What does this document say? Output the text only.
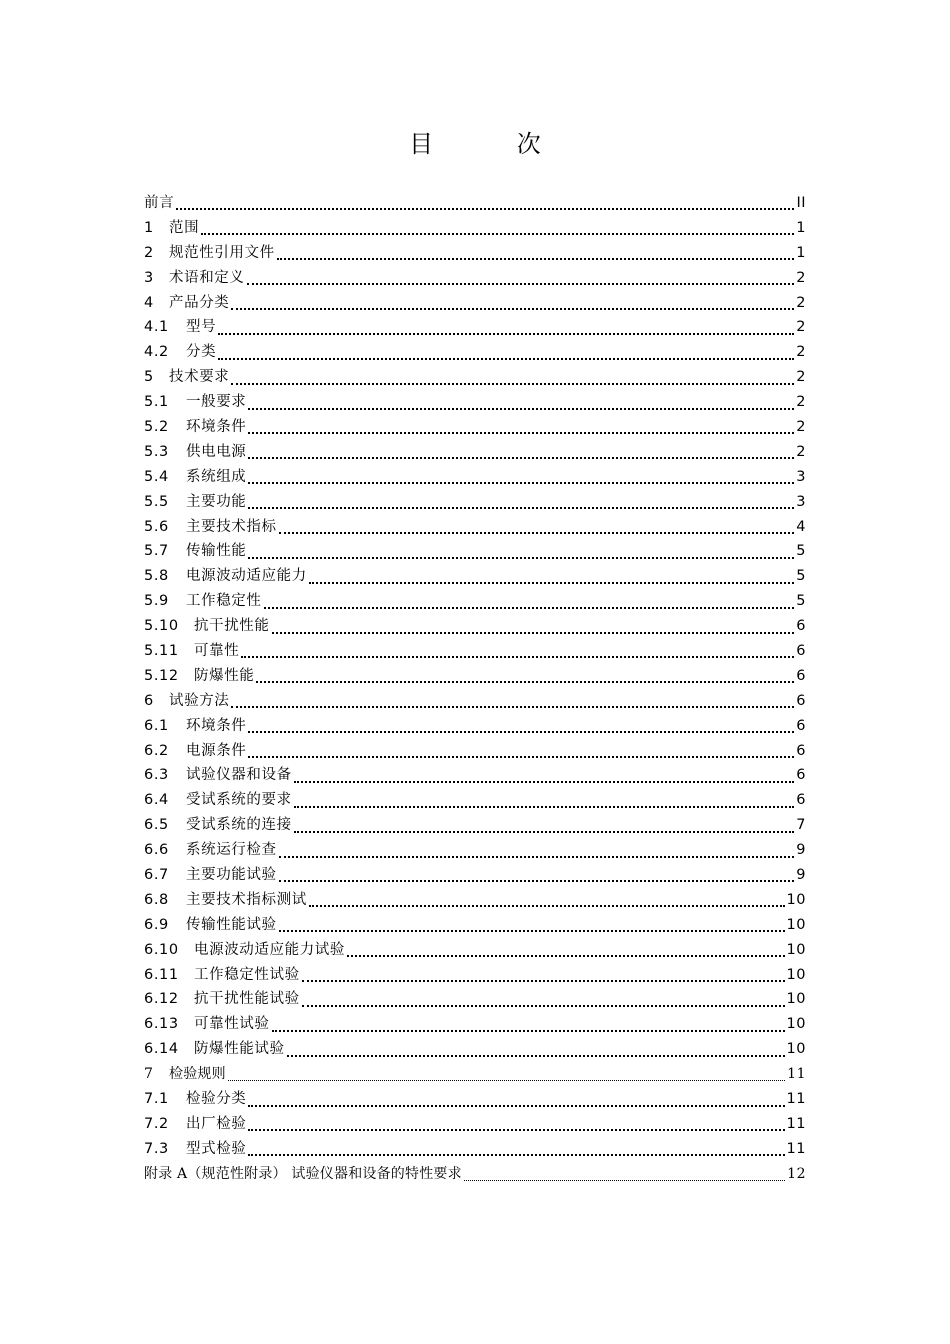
目 次
前言	II
1	范围	1
2	规范性引用文件	1
3	术语和定义	2
4	产品分类	2
4.1	型号	2
4.2	分类	2
5	技术要求	2
5.1	一般要求	2
5.2	环境条件	2
5.3	供电电源	2
5.4	系统组成	3
5.5	主要功能	3
5.6	主要技术指标	4
5.7	传输性能	5
5.8	电源波动适应能力	5
5.9	工作稳定性	5
5.10	抗干扰性能	6
5.11	可靠性	6
5.12	防爆性能	6
6	试验方法	6
6.1	环境条件	6
6.2	电源条件	6
6.3	试验仪器和设备	6
6.4	受试系统的要求	6
6.5	受试系统的连接	7
6.6	系统运行检查	9
6.7	主要功能试验	9
6.8	主要技术指标测试	10
6.9	传输性能试验	10
6.10	电源波动适应能力试验	10
6.11	工作稳定性试验	10
6.12	抗干扰性能试验	10
6.13	可靠性试验	10
6.14	防爆性能试验	10
7	检验规则	11
7.1	检验分类	11
7.2	出厂检验	11
7.3	型式检验	11
附录 A（规范性附录） 试验仪器和设备的特性要求	12
